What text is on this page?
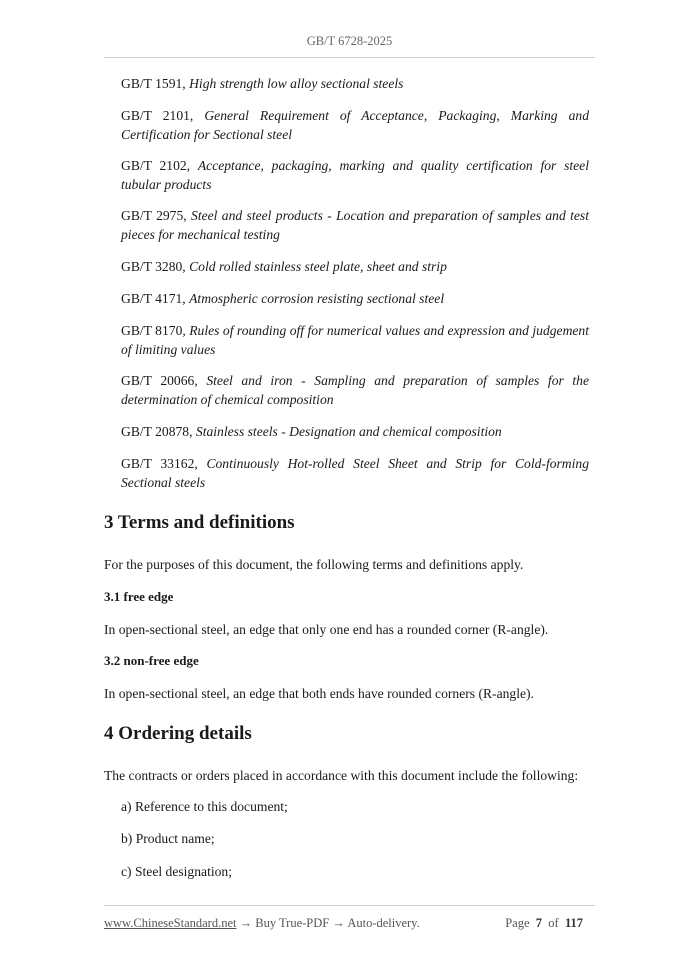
GB/T 6728-2025
GB/T 1591, High strength low alloy sectional steels
GB/T 2101, General Requirement of Acceptance, Packaging, Marking and Certification for Sectional steel
GB/T 2102, Acceptance, packaging, marking and quality certification for steel tubular products
GB/T 2975, Steel and steel products - Location and preparation of samples and test pieces for mechanical testing
GB/T 3280, Cold rolled stainless steel plate, sheet and strip
GB/T 4171, Atmospheric corrosion resisting sectional steel
GB/T 8170, Rules of rounding off for numerical values and expression and judgement of limiting values
GB/T 20066, Steel and iron - Sampling and preparation of samples for the determination of chemical composition
GB/T 20878, Stainless steels - Designation and chemical composition
GB/T 33162, Continuously Hot-rolled Steel Sheet and Strip for Cold-forming Sectional steels
3 Terms and definitions
For the purposes of this document, the following terms and definitions apply.
3.1 free edge
In open-sectional steel, an edge that only one end has a rounded corner (R-angle).
3.2 non-free edge
In open-sectional steel, an edge that both ends have rounded corners (R-angle).
4 Ordering details
The contracts or orders placed in accordance with this document include the following:
a) Reference to this document;
b) Product name;
c) Steel designation;
www.ChineseStandard.net → Buy True-PDF → Auto-delivery.	Page 7 of 117
